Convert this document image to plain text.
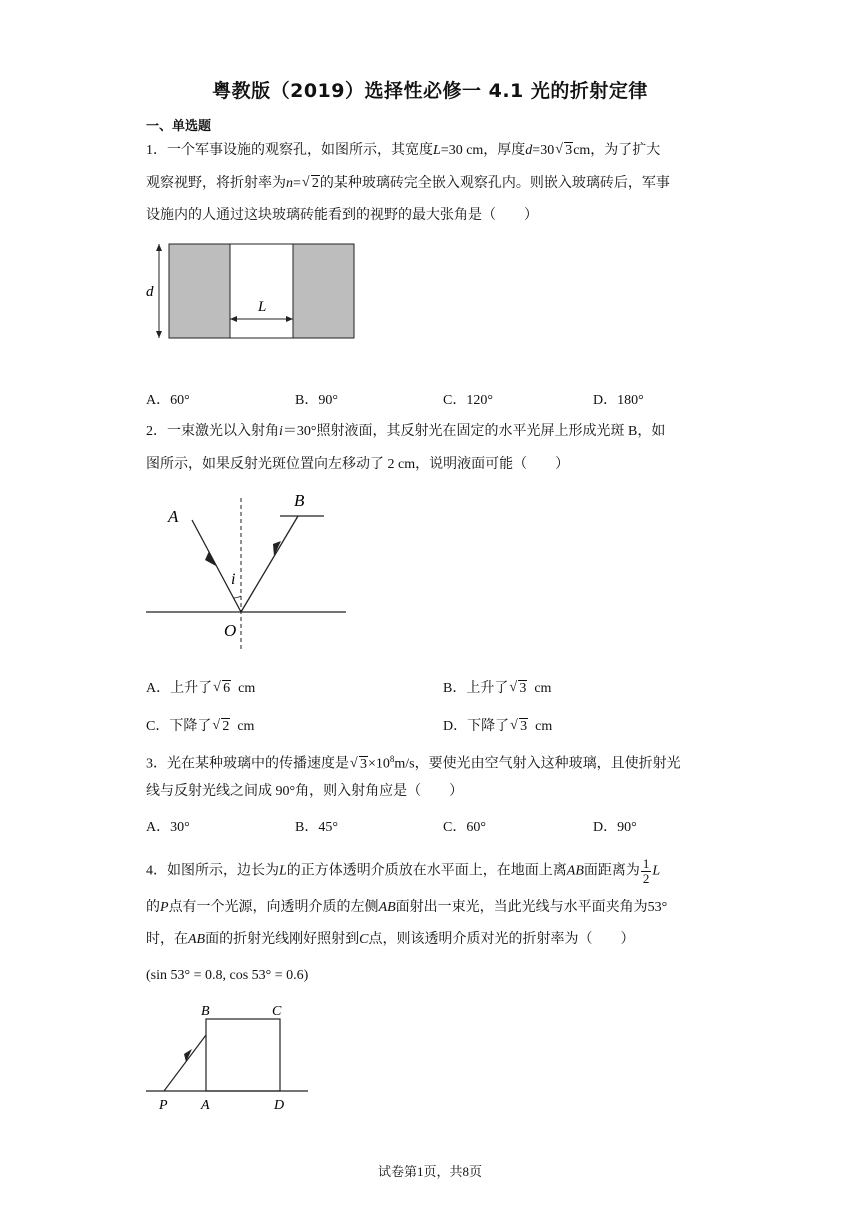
粤教版（2019）选择性必修一 4.1 光的折射定律
一、单选题
1．一个军事设施的观察孔，如图所示，其宽度L=30 cm，厚度d=30 √ 3cm，为了扩大
观察视野，将折射率为n= √ 2的某种玻璃砖完全嵌入观察孔内。则嵌入玻璃砖后，军事
设施内的人通过这块玻璃砖能看到的视野的最大张角是（　　）
d
L
A．60°	B．90°	C．120°	D．180°
2．一束激光以入射角i＝30°照射液面，其反射光在固定的水平光屏上形成光斑 B，如
图所示，如果反射光斑位置向左移动了 2 cm，说明液面可能（　　）
A
B
i
O
A．上升了 √ 6 cm	B．上升了 √ 3 cm
C．下降了 √ 2 cm	D．下降了 √ 3 cm
3．光在某种玻璃中的传播速度是 √ $3\times 10^8m/s$，要使光由空气射入这种玻璃，且使折射光
线与反射光线之间成 90°角，则入射角应是（　　）
A．30°	B．45°	C．60°	D．90°
4．如图所示，边长为L的正方体透明介质放在水平面上，在地面上离AB面距离为 $\frac{1}{2}$ L
的P点有一个光源，向透明介质的左侧AB面射出一束光，当此光线与水平面夹角为53°
时，在AB面的折射光线刚好照射到C点，则该透明介质对光的折射率为（　　）
(sin 53° = 0.8, cos 53° = 0.6)
B	C
P A	D
试卷第1页，共8页
